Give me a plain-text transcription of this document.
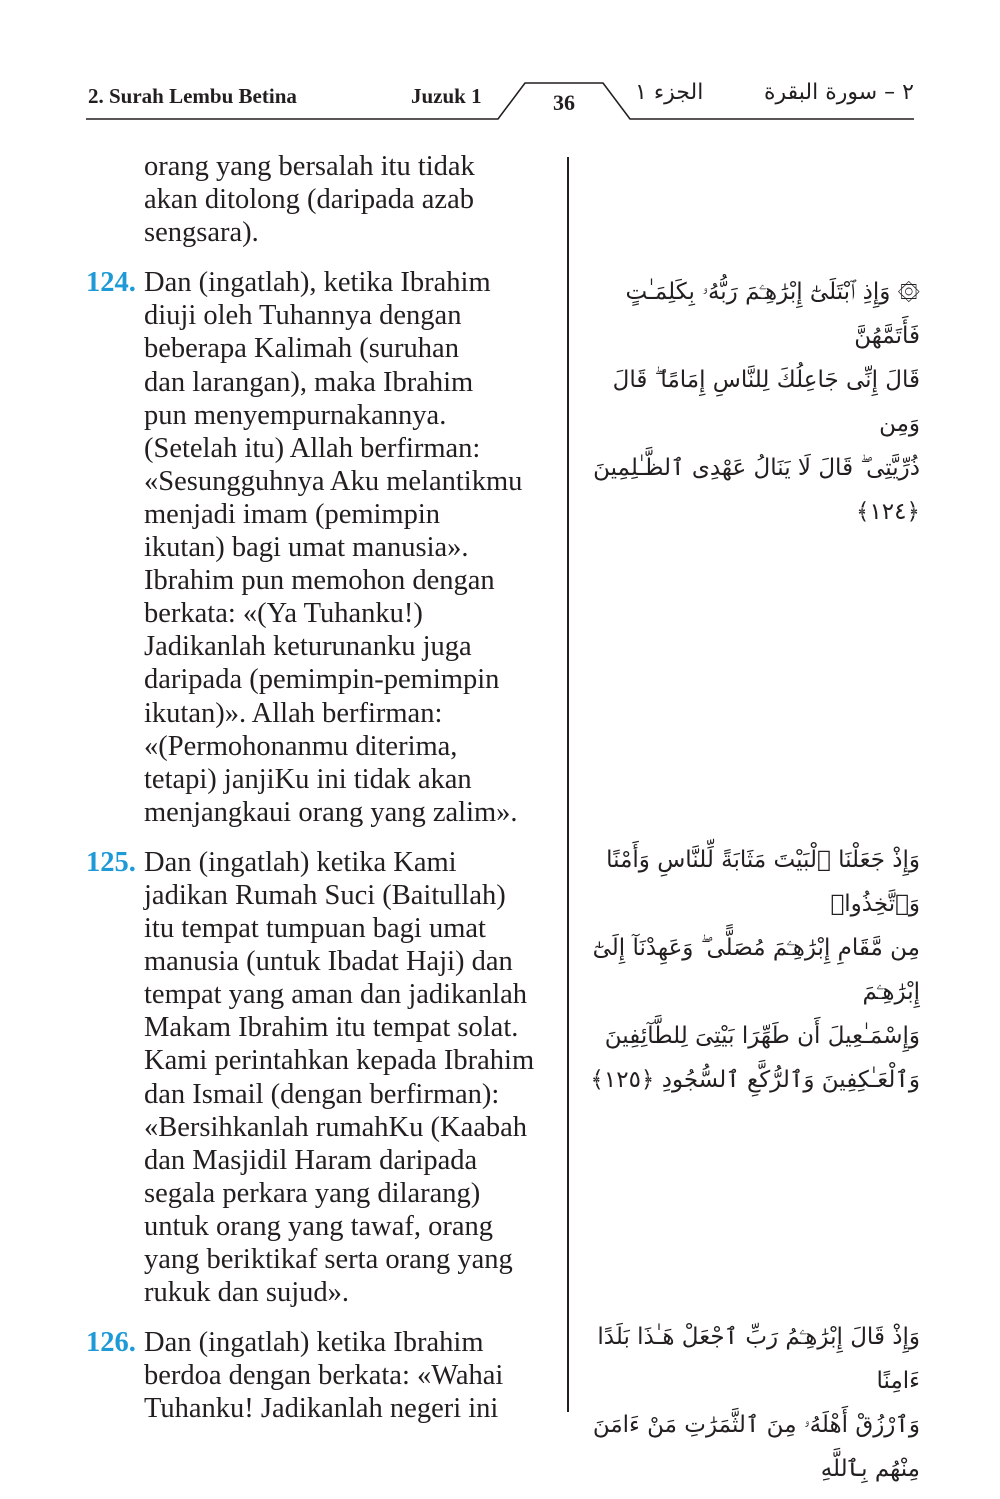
2. Surah Lembu Betina	Juzuk 1	36	الجزء ١	٢ – سورة البقرة
orang yang bersalah itu tidak
akan ditolong (daripada azab
sengsara).
124. Dan (ingatlah), ketika Ibrahim
diuji oleh Tuhannya dengan
beberapa Kalimah (suruhan
dan larangan), maka Ibrahim
pun menyempurnakannya.
(Setelah itu) Allah berfirman:
«Sesungguhnya Aku melantikmu
menjadi imam (pemimpin
ikutan) bagi umat manusia».
Ibrahim pun memohon dengan
berkata: «(Ya Tuhanku!)
Jadikanlah keturunanku juga
daripada (pemimpin-pemimpin
ikutan)». Allah berfirman:
«(Permohonanmu diterima,
tetapi) janjiKu ini tidak akan
menjangkaui orang yang zalim».
125. Dan (ingatlah) ketika Kami
jadikan Rumah Suci (Baitullah)
itu tempat tumpuan bagi umat
manusia (untuk Ibadat Haji) dan
tempat yang aman dan jadikanlah
Makam Ibrahim itu tempat solat.
Kami perintahkan kepada Ibrahim
dan Ismail (dengan berfirman):
«Bersihkanlah rumahKu (Kaabah
dan Masjidil Haram daripada
segala perkara yang dilarang)
untuk orang yang tawaf, orang
yang beriktikaf serta orang yang
rukuk dan sujud».
126. Dan (ingatlah) ketika Ibrahim
berdoa dengan berkata: «Wahai
Tuhanku! Jadikanlah negeri ini
۞ وَإِذِ ٱبْتَلَىٰٓ إِبْرَٰهِـۧمَ رَبُّهُۥ بِكَلِمَـٰتٍ فَأَتَمَّهُنَّ
قَالَ إِنِّى جَاعِلُكَ لِلنَّاسِ إِمَامًا ۖ قَالَ وَمِن
ذُرِّيَّتِى ۖ قَالَ لَا يَنَالُ عَهْدِى ٱلظَّـٰلِمِينَ ﴿١٢٤﴾
وَإِذْ جَعَلْنَا ٱلْبَيْتَ مَثَابَةً لِّلنَّاسِ وَأَمْنًا وَٱتَّخِذُوا۟
مِن مَّقَامِ إِبْرَٰهِـۧمَ مُصَلًّى ۖ وَعَهِدْنَآ إِلَىٰٓ إِبْرَٰهِـۧمَ
وَإِسْمَـٰعِيلَ أَن طَهِّرَا بَيْتِىَ لِلطَّآئِفِينَ
وَٱلْعَـٰكِفِينَ وَٱلرُّكَّعِ ٱلسُّجُودِ ﴿١٢٥﴾
وَإِذْ قَالَ إِبْرَٰهِـۧمُ رَبِّ ٱجْعَلْ هَـٰذَا بَلَدًا ءَامِنًا
وَٱرْزُقْ أَهْلَهُۥ مِنَ ٱلثَّمَرَٰتِ مَنْ ءَامَنَ مِنْهُم بِٱللَّهِ
